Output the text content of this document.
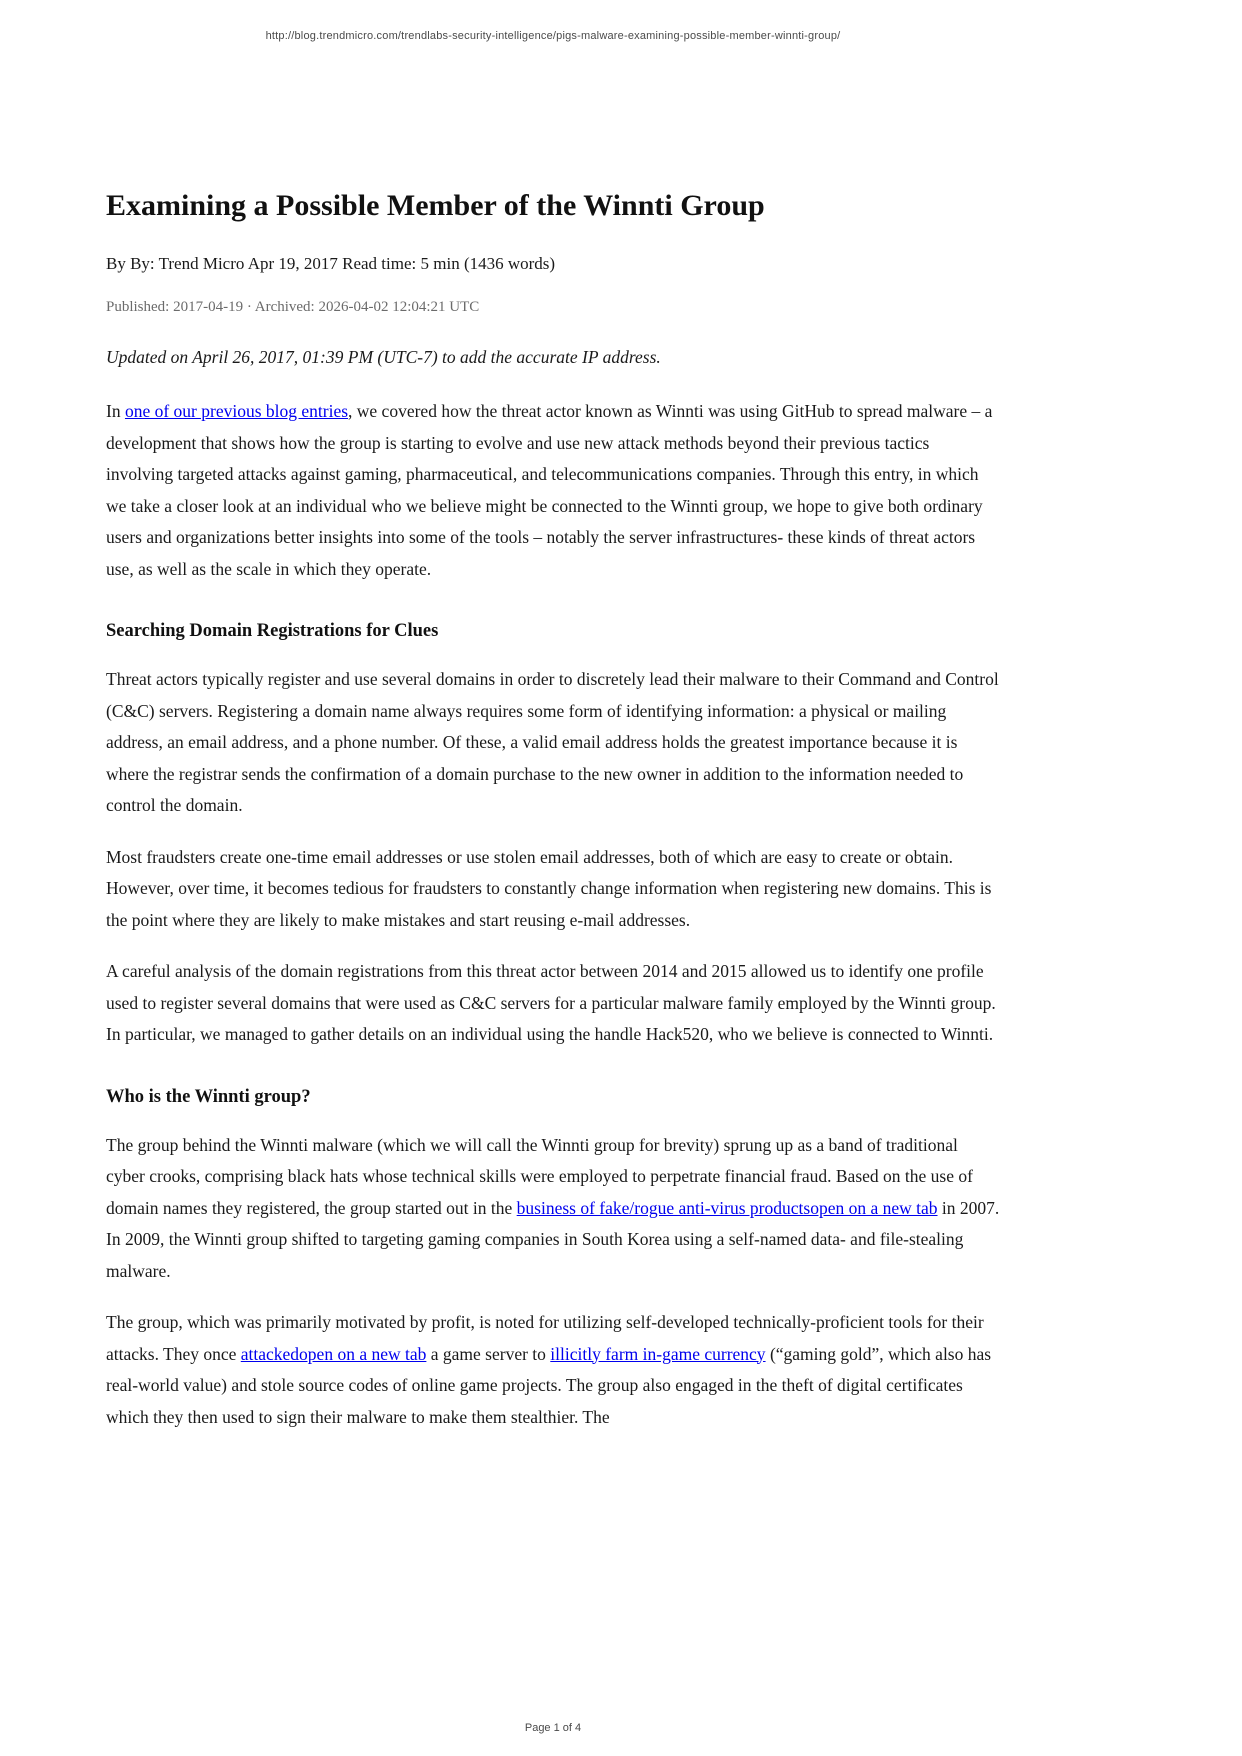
http://blog.trendmicro.com/trendlabs-security-intelligence/pigs-malware-examining-possible-member-winnti-group/
Examining a Possible Member of the Winnti Group
By By: Trend Micro Apr 19, 2017 Read time: 5 min (1436 words)
Published: 2017-04-19 · Archived: 2026-04-02 12:04:21 UTC
Updated on April 26, 2017, 01:39 PM (UTC-7) to add the accurate IP address.

In one of our previous blog entries, we covered how the threat actor known as Winnti was using GitHub to spread malware – a development that shows how the group is starting to evolve and use new attack methods beyond their previous tactics involving targeted attacks against gaming, pharmaceutical, and telecommunications companies. Through this entry, in which we take a closer look at an individual who we believe might be connected to the Winnti group, we hope to give both ordinary users and organizations better insights into some of the tools – notably the server infrastructures- these kinds of threat actors use, as well as the scale in which they operate.

Searching Domain Registrations for Clues

Threat actors typically register and use several domains in order to discretely lead their malware to their Command and Control (C&C) servers. Registering a domain name always requires some form of identifying information: a physical or mailing address, an email address, and a phone number. Of these, a valid email address holds the greatest importance because it is where the registrar sends the confirmation of a domain purchase to the new owner in addition to the information needed to control the domain.

Most fraudsters create one-time email addresses or use stolen email addresses, both of which are easy to create or obtain. However, over time, it becomes tedious for fraudsters to constantly change information when registering new domains. This is the point where they are likely to make mistakes and start reusing e-mail addresses.

A careful analysis of the domain registrations from this threat actor between 2014 and 2015 allowed us to identify one profile used to register several domains that were used as C&C servers for a particular malware family employed by the Winnti group. In particular, we managed to gather details on an individual using the handle Hack520, who we believe is connected to Winnti.

Who is the Winnti group?

The group behind the Winnti malware (which we will call the Winnti group for brevity) sprung up as a band of traditional cyber crooks, comprising black hats whose technical skills were employed to perpetrate financial fraud. Based on the use of domain names they registered, the group started out in the business of fake/rogue anti-virus productsopen on a new tab in 2007. In 2009, the Winnti group shifted to targeting gaming companies in South Korea using a self-named data- and file-stealing malware.

The group, which was primarily motivated by profit, is noted for utilizing self-developed technically-proficient tools for their attacks. They once attackedopen on a new tab a game server to illicitly farm in-game currency (“gaming gold”, which also has real-world value) and stole source codes of online game projects. The group also engaged in the theft of digital certificates which they then used to sign their malware to make them stealthier. The

Page 1 of 4
